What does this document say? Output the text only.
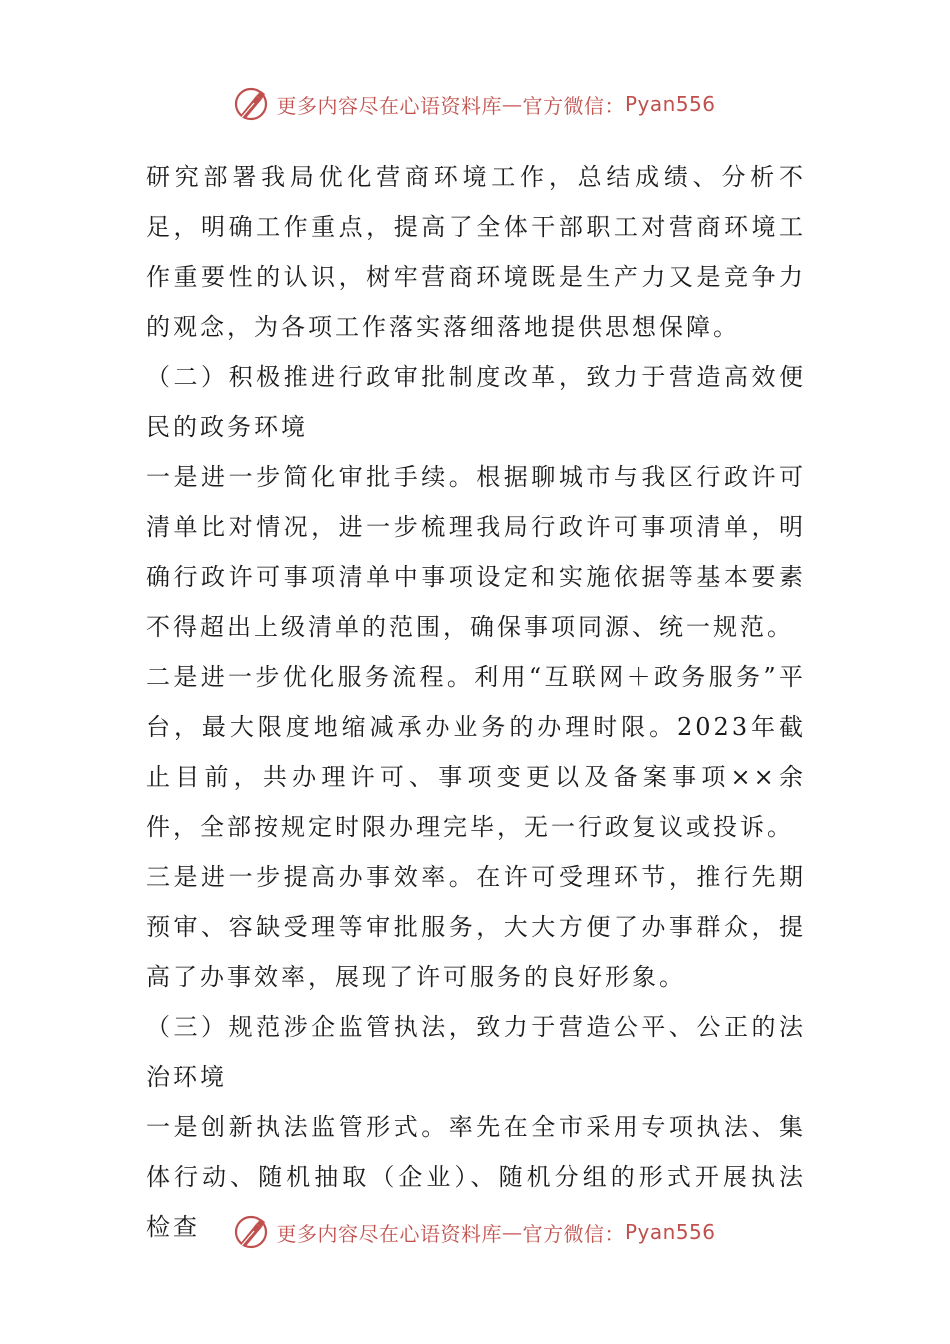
更多内容尽在心语资料库 — 官方微信： Pyan556

研究部署我局优化营商环境工作，总结成绩、分析不足，明确工作重点，提高了全体干部职工对营商环境工作重要性的认识，树牢营商环境既是生产力又是竞争力的观念，为各项工作落实落细落地提供思想保障。

（二）积极推进行政审批制度改革，致力于营造高效便民的政务环境

一是进一步简化审批手续。根据聊城市与我区行政许可清单比对情况，进一步梳理我局行政许可事项清单，明确行政许可事项清单中事项设定和实施依据等基本要素不得超出上级清单的范围，确保事项同源、统一规范。

二是进一步优化服务流程。利用“互联网＋政务服务”平台，最大限度地缩减承办业务的办理时限。2023年截止目前，共办理许可、事项变更以及备案事项××余件，全部按规定时限办理完毕，无一行政复议或投诉。

三是进一步提高办事效率。在许可受理环节，推行先期预审、容缺受理等审批服务，大大方便了办事群众，提高了办事效率，展现了许可服务的良好形象。

（三）规范涉企监管执法，致力于营造公平、公正的法治环境

一是创新执法监管形式。率先在全市采用专项执法、集体行动、随机抽取（企业）、随机分组的形式开展执法检查	更多内容尽在心语资料库 — 官方微信： Pyan556
